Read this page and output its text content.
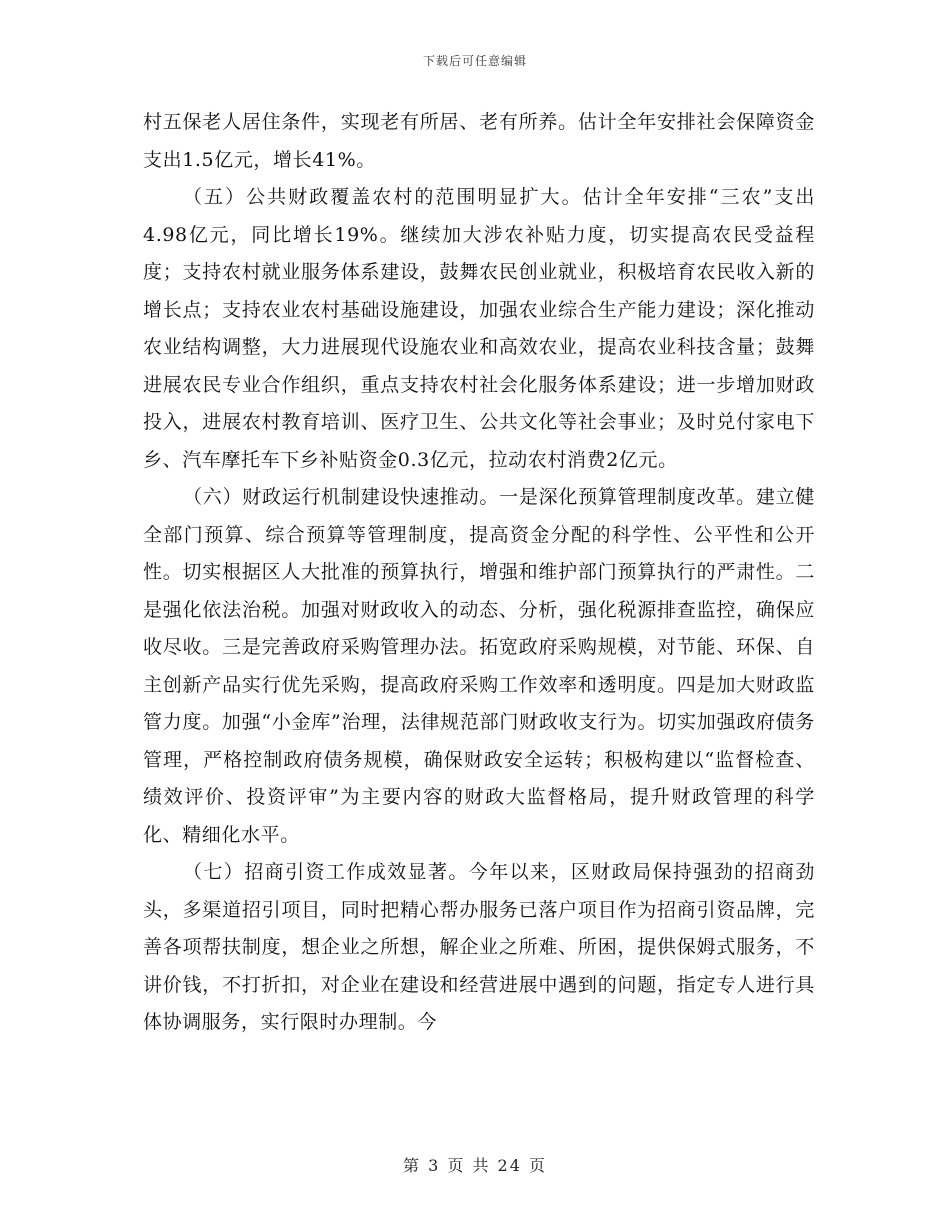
下载后可任意编辑

村五保老人居住条件，实现老有所居、老有所养。估计全年安排社会保障资金支出1.5亿元，增长41%。

（五）公共财政覆盖农村的范围明显扩大。估计全年安排“三农”支出4.98亿元，同比增长19%。继续加大涉农补贴力度，切实提高农民受益程度；支持农村就业服务体系建设，鼓舞农民创业就业，积极培育农民收入新的增长点；支持农业农村基础设施建设，加强农业综合生产能力建设；深化推动农业结构调整，大力进展现代设施农业和高效农业，提高农业科技含量；鼓舞进展农民专业合作组织，重点支持农村社会化服务体系建设；进一步增加财政投入，进展农村教育培训、医疗卫生、公共文化等社会事业；及时兑付家电下乡、汽车摩托车下乡补贴资金0.3亿元，拉动农村消费2亿元。

（六）财政运行机制建设快速推动。一是深化预算管理制度改革。建立健全部门预算、综合预算等管理制度，提高资金分配的科学性、公平性和公开性。切实根据区人大批准的预算执行，增强和维护部门预算执行的严肃性。二是强化依法治税。加强对财政收入的动态、分析，强化税源排查监控，确保应收尽收。三是完善政府采购管理办法。拓宽政府采购规模，对节能、环保、自主创新产品实行优先采购，提高政府采购工作效率和透明度。四是加大财政监管力度。加强“小金库”治理，法律规范部门财政收支行为。切实加强政府债务管理，严格控制政府债务规模，确保财政安全运转；积极构建以“监督检查、绩效评价、投资评审”为主要内容的财政大监督格局，提升财政管理的科学化、精细化水平。

（七）招商引资工作成效显著。今年以来，区财政局保持强劲的招商劲头，多渠道招引项目，同时把精心帮办服务已落户项目作为招商引资品牌，完善各项帮扶制度，想企业之所想，解企业之所难、所困，提供保姆式服务，不讲价钱，不打折扣，对企业在建设和经营进展中遇到的问题，指定专人进行具体协调服务，实行限时办理制。今

第 3 页 共 24 页
